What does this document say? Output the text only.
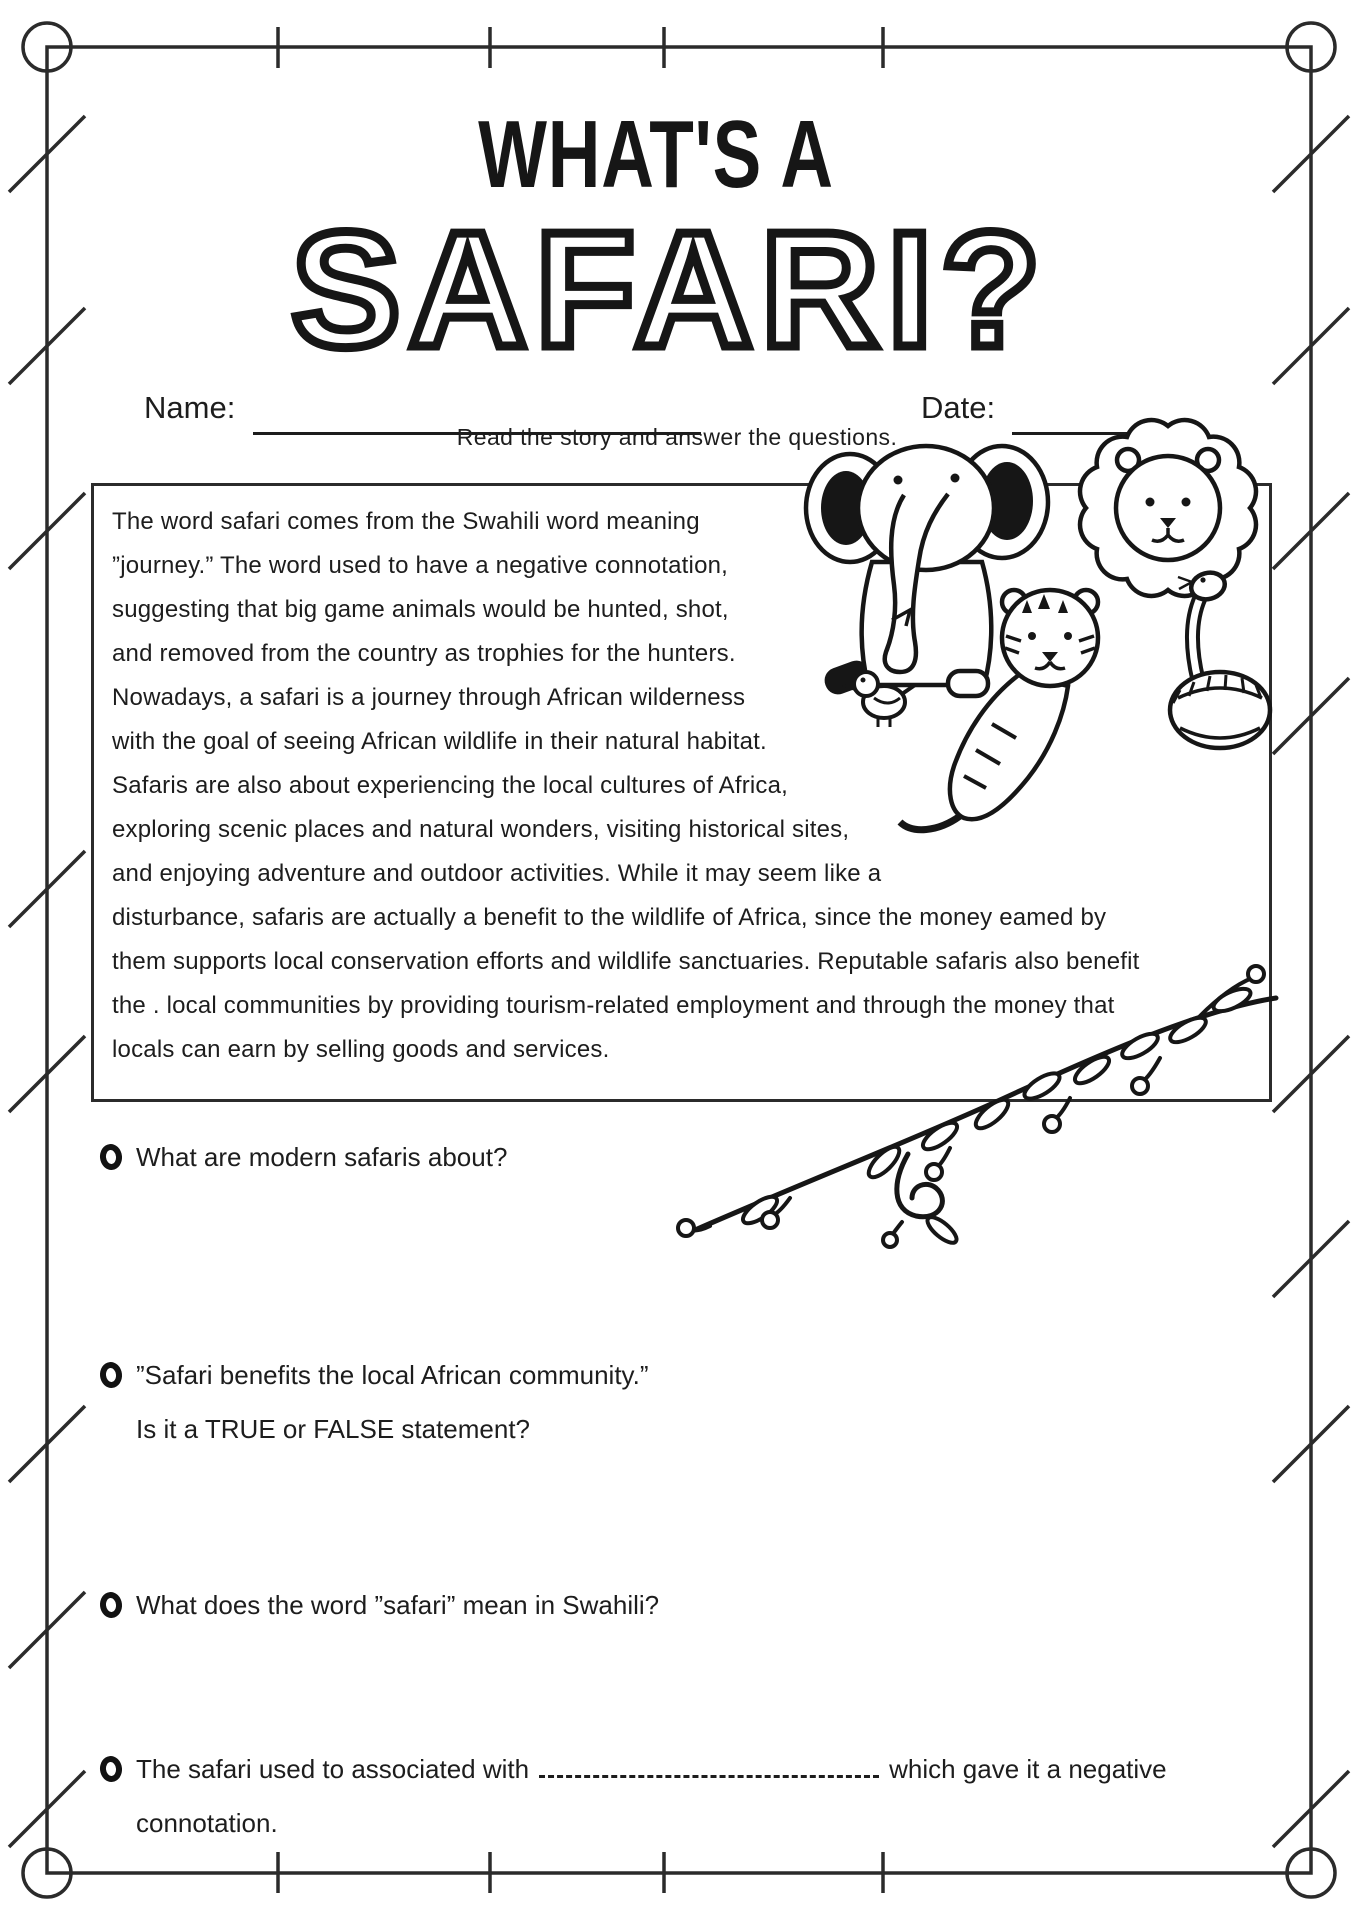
WHAT'S A
SAFARI?
Name:	Date:
Read the story and answer the questions.
The word safari comes from the Swahili word meaning
”journey.” The word used to have a negative connotation,
suggesting that big game animals would be hunted, shot,
and removed from the country as trophies for the hunters.
Nowadays, a safari is a journey through African wilderness
with the goal of seeing African wildlife in their natural habitat.
Safaris are also about experiencing the local cultures of Africa,
exploring scenic places and natural wonders, visiting historical sites,
and enjoying adventure and outdoor activities. While it may seem like a
disturbance, safaris are actually a benefit to the wildlife of Africa, since the money eamed by
them supports local conservation efforts and wildlife sanctuaries. Reputable safaris also benefit
the . local communities by providing tourism-related employment and through the money that
locals can earn by selling goods and services.
What are modern safaris about?
”Safari benefits the local African community.”
Is it a TRUE or FALSE statement?
What does the word ”safari” mean in Swahili?
The safari used to associated with	which gave it a negative
connotation.
